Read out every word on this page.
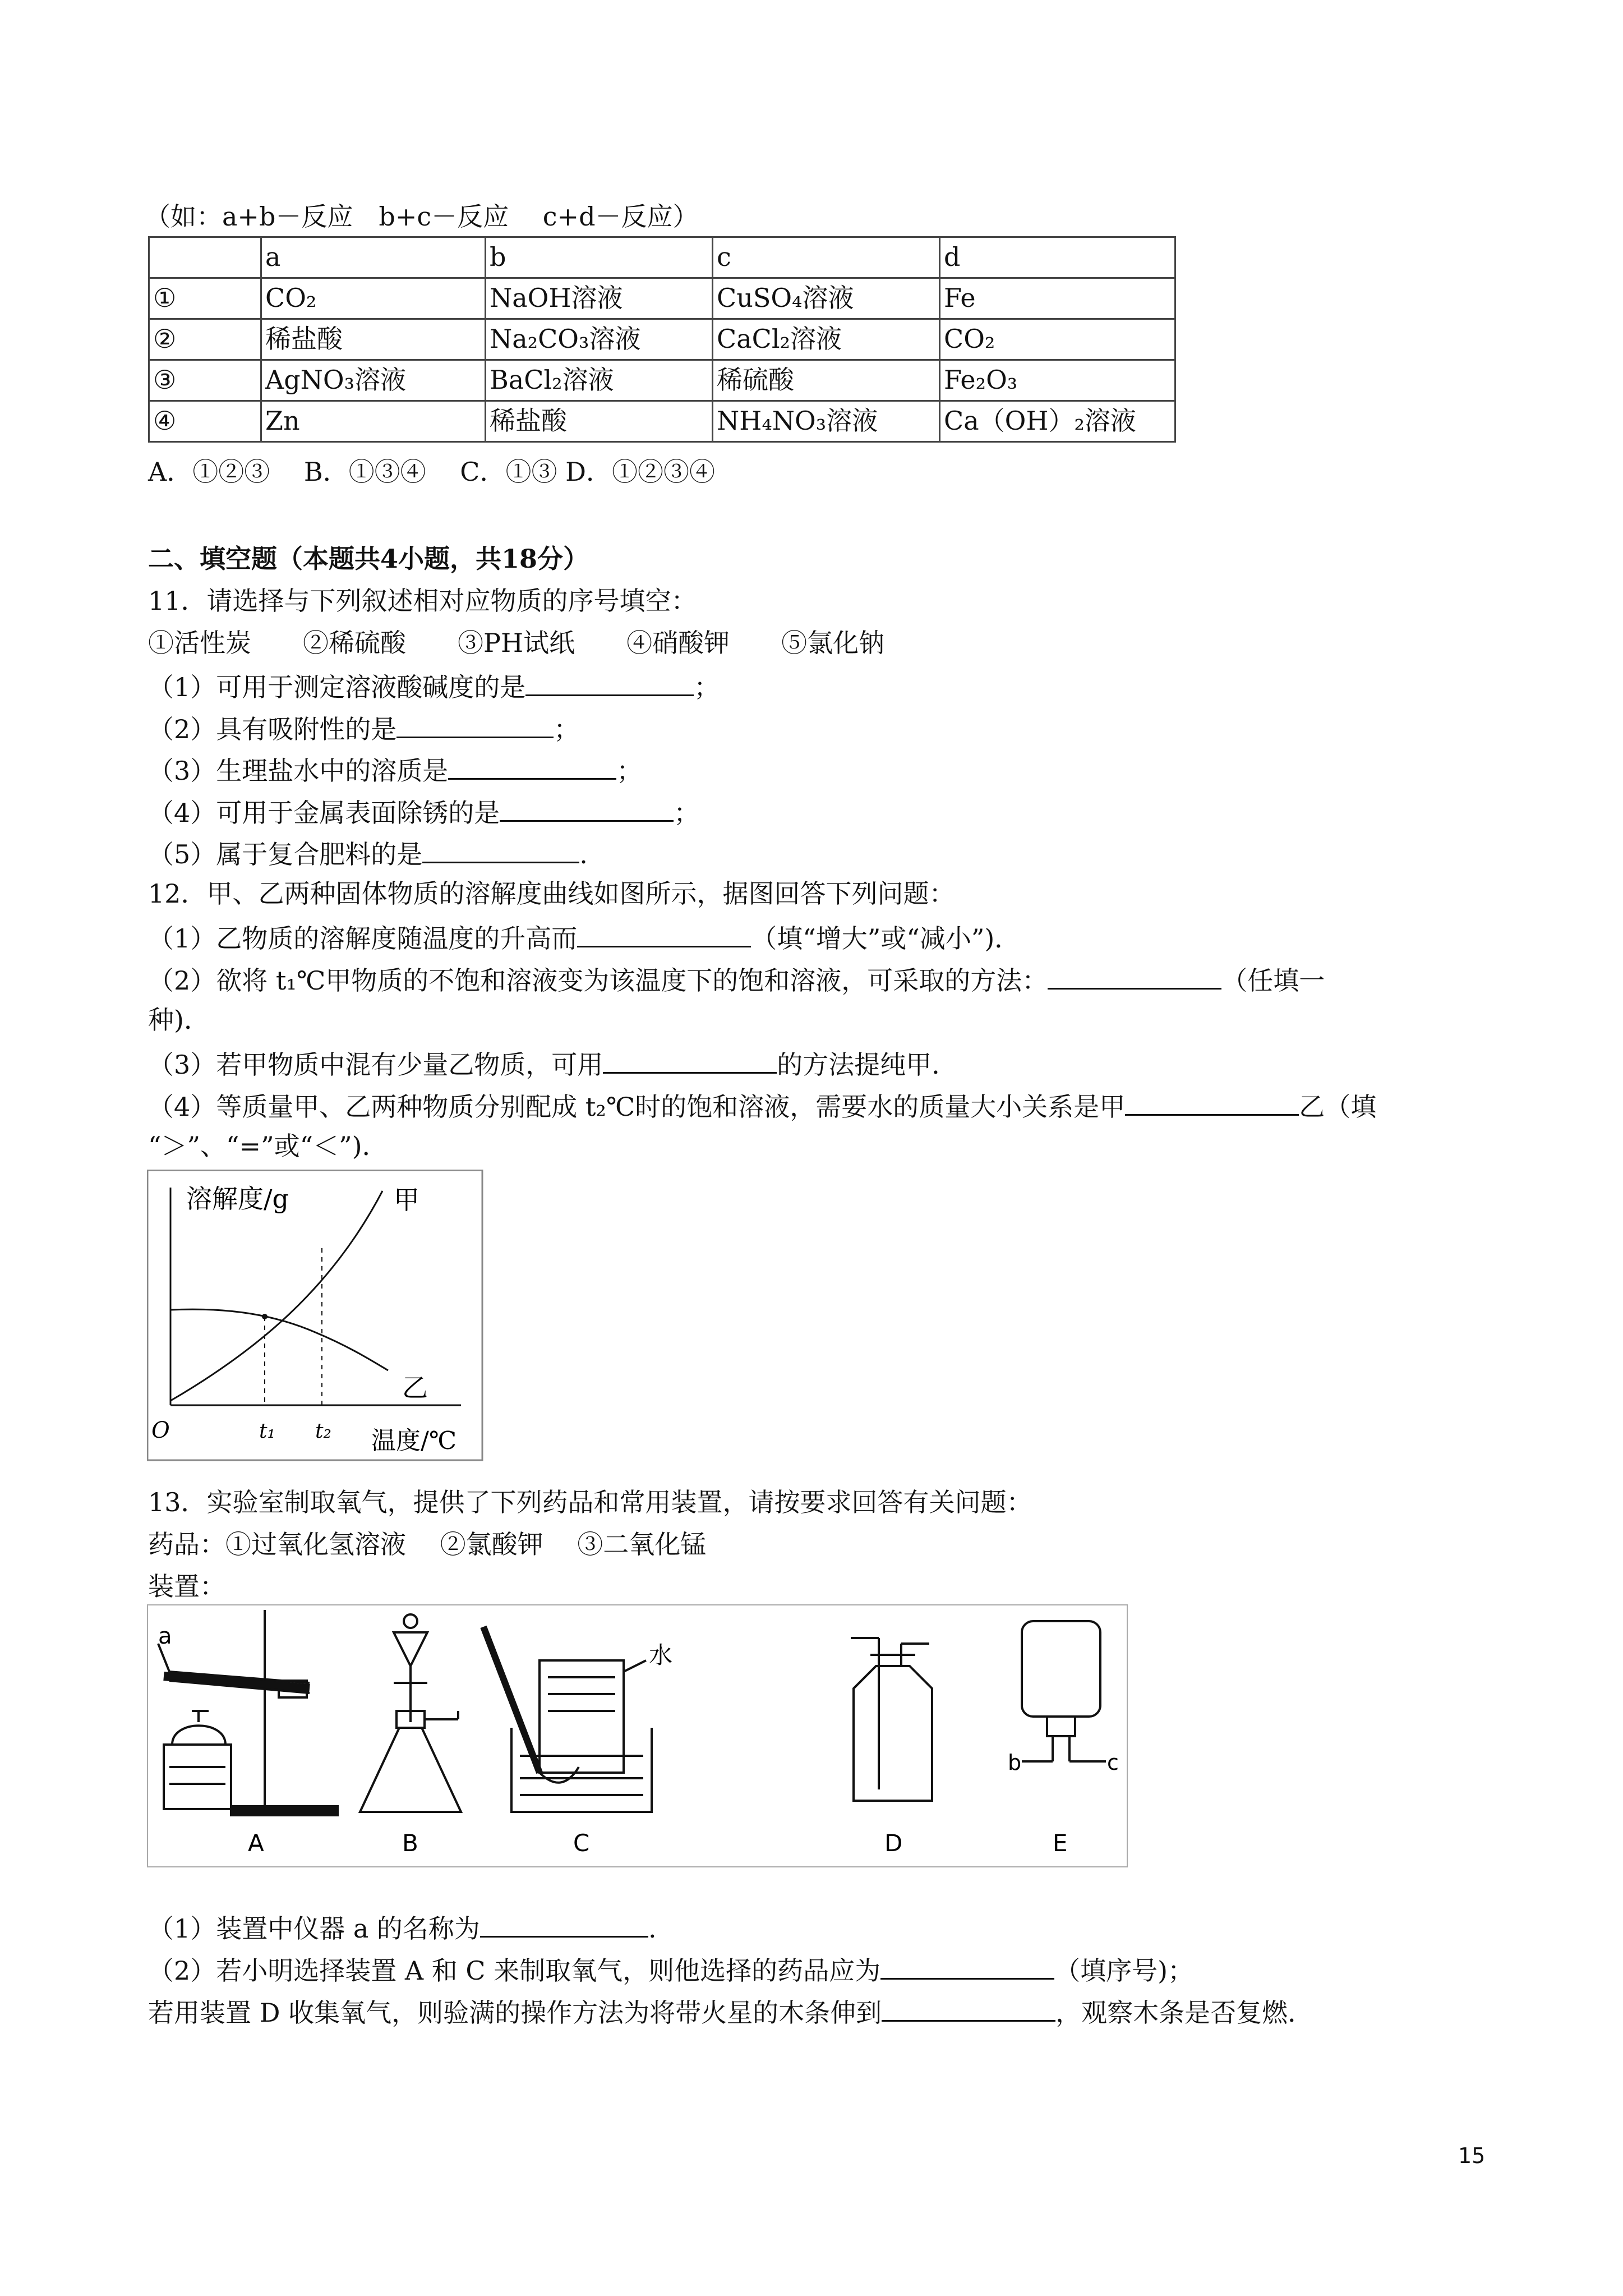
（如：a+b－反应　b+c－反应　 c+d－反应）
	a	b	c	d
①	CO₂	NaOH溶液	CuSO₄溶液	Fe
②	稀盐酸	Na₂CO₃溶液	CaCl₂溶液	CO₂
③	AgNO₃溶液	BaCl₂溶液	稀硫酸	Fe₂O₃
④	Zn	稀盐酸	NH₄NO₃溶液	Ca（OH）₂溶液
A．①②③　 B．①③④　 C．①③ D．①②③④
二、填空题（本题共4小题，共18分）
11．请选择与下列叙述相对应物质的序号填空：
①活性炭　　②稀硫酸　　③PH试纸　　④硝酸钾　　⑤氯化钠
（1）可用于测定溶液酸碱度的是	；
（2）具有吸附性的是	；
（3）生理盐水中的溶质是	；
（4）可用于金属表面除锈的是	；
（5）属于复合肥料的是	.
12．甲、乙两种固体物质的溶解度曲线如图所示，据图回答下列问题：
（1）乙物质的溶解度随温度的升高而	（填“增大”或“减小”)．
（2）欲将 t₁℃甲物质的不饱和溶液变为该温度下的饱和溶液，可采取的方法：	（任填一
种)．
（3）若甲物质中混有少量乙物质，可用	的方法提纯甲．
（4）等质量甲、乙两种物质分别配成 t₂℃时的饱和溶液，需要水的质量大小关系是甲	乙（填
“＞”、“=”或“＜”)．
溶解度/g
温度/℃
O	t₁ t₂
甲
乙
13．实验室制取氧气，提供了下列药品和常用装置，请按要求回答有关问题：
药品：①过氧化氢溶液　 ②氯酸钾　 ③二氧化锰
装置：
a
水
b	c
A	B	C	D	E
（1）装置中仪器 a 的名称为	.
（2）若小明选择装置 A 和 C 来制取氧气，则他选择的药品应为	（填序号)；
若用装置 D 收集氧气，则验满的操作方法为将带火星的木条伸到	，观察木条是否复燃．
15
